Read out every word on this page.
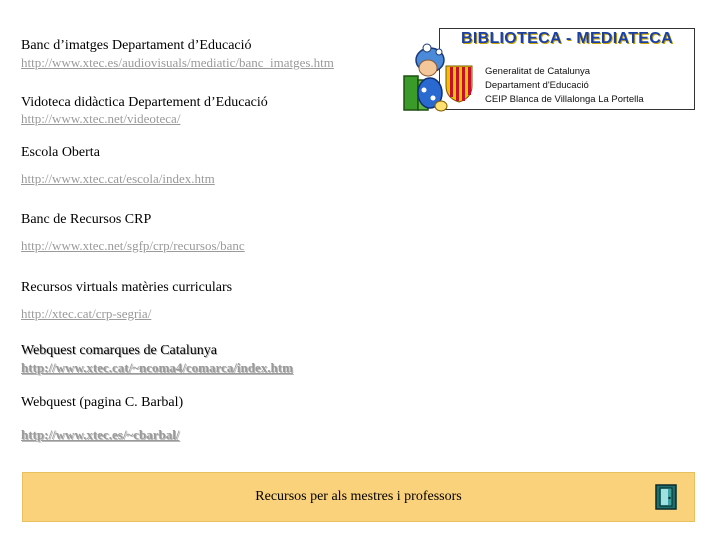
BIBLIOTECA - MEDIATECA
Generalitat de Catalunya
Departament d'Educació
CEIP Blanca de Villalonga La Portella
Banc d’imatges Departament d’Educació
http://www.xtec.es/audiovisuals/mediatic/banc_imatges.htm
Vidoteca didàctica Departement d’Educació
http://www.xtec.net/videoteca/
Escola Oberta
http://www.xtec.cat/escola/index.htm
Banc de Recursos CRP
http://www.xtec.net/sgfp/crp/recursos/banc
Recursos virtuals matèries curriculars
http://xtec.cat/crp-segria/
Webquest comarques de Catalunya
http://www.xtec.cat/~ncoma4/comarca/index.htm
Webquest (pagina C. Barbal)
http://www.xtec.es/~cbarbal/
Recursos per als mestres i professors
